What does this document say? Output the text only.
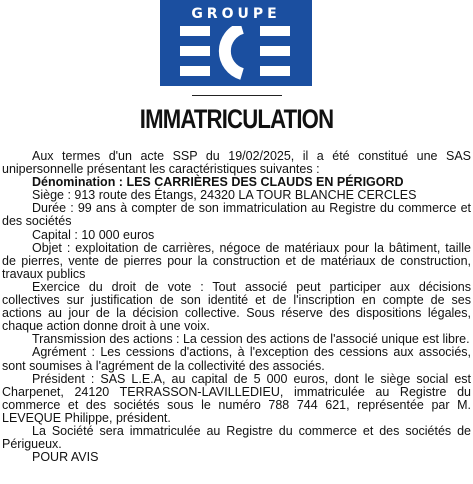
GROUPE
IMMATRICULATION

Aux termes d'un acte SSP du 19/02/2025, il a été constitué une SAS unipersonnelle présentant les caractéristiques suivantes :

Dénomination : LES CARRIÈRES DES CLAUDS EN PÉRIGORD

Siège : 913 route des Étangs, 24320 LA TOUR BLANCHE CERCLES

Durée : 99 ans à compter de son immatriculation au Registre du commerce et des sociétés

Capital : 10 000 euros

Objet : exploitation de carrières, négoce de matériaux pour la bâtiment, taille de pierres, vente de pierres pour la construction et de matériaux de construction, travaux publics

Exercice du droit de vote : Tout associé peut participer aux décisions collectives sur justification de son identité et de l'inscription en compte de ses actions au jour de la décision collective. Sous réserve des dispositions légales, chaque action donne droit à une voix.

Transmission des actions : La cession des actions de l'associé unique est libre.

Agrément : Les cessions d'actions, à l'exception des cessions aux associés, sont soumises à l'agrément de la collectivité des associés.

Président : SAS L.E.A, au capital de 5 000 euros, dont le siège social est Charpenet, 24120 TERRASSON-LAVILLEDIEU, immatriculée au Registre du commerce et des sociétés sous le numéro 788 744 621, représentée par M. LEVEQUE Philippe, président.

La Société sera immatriculée au Registre du commerce et des sociétés de Périgueux.

POUR AVIS
